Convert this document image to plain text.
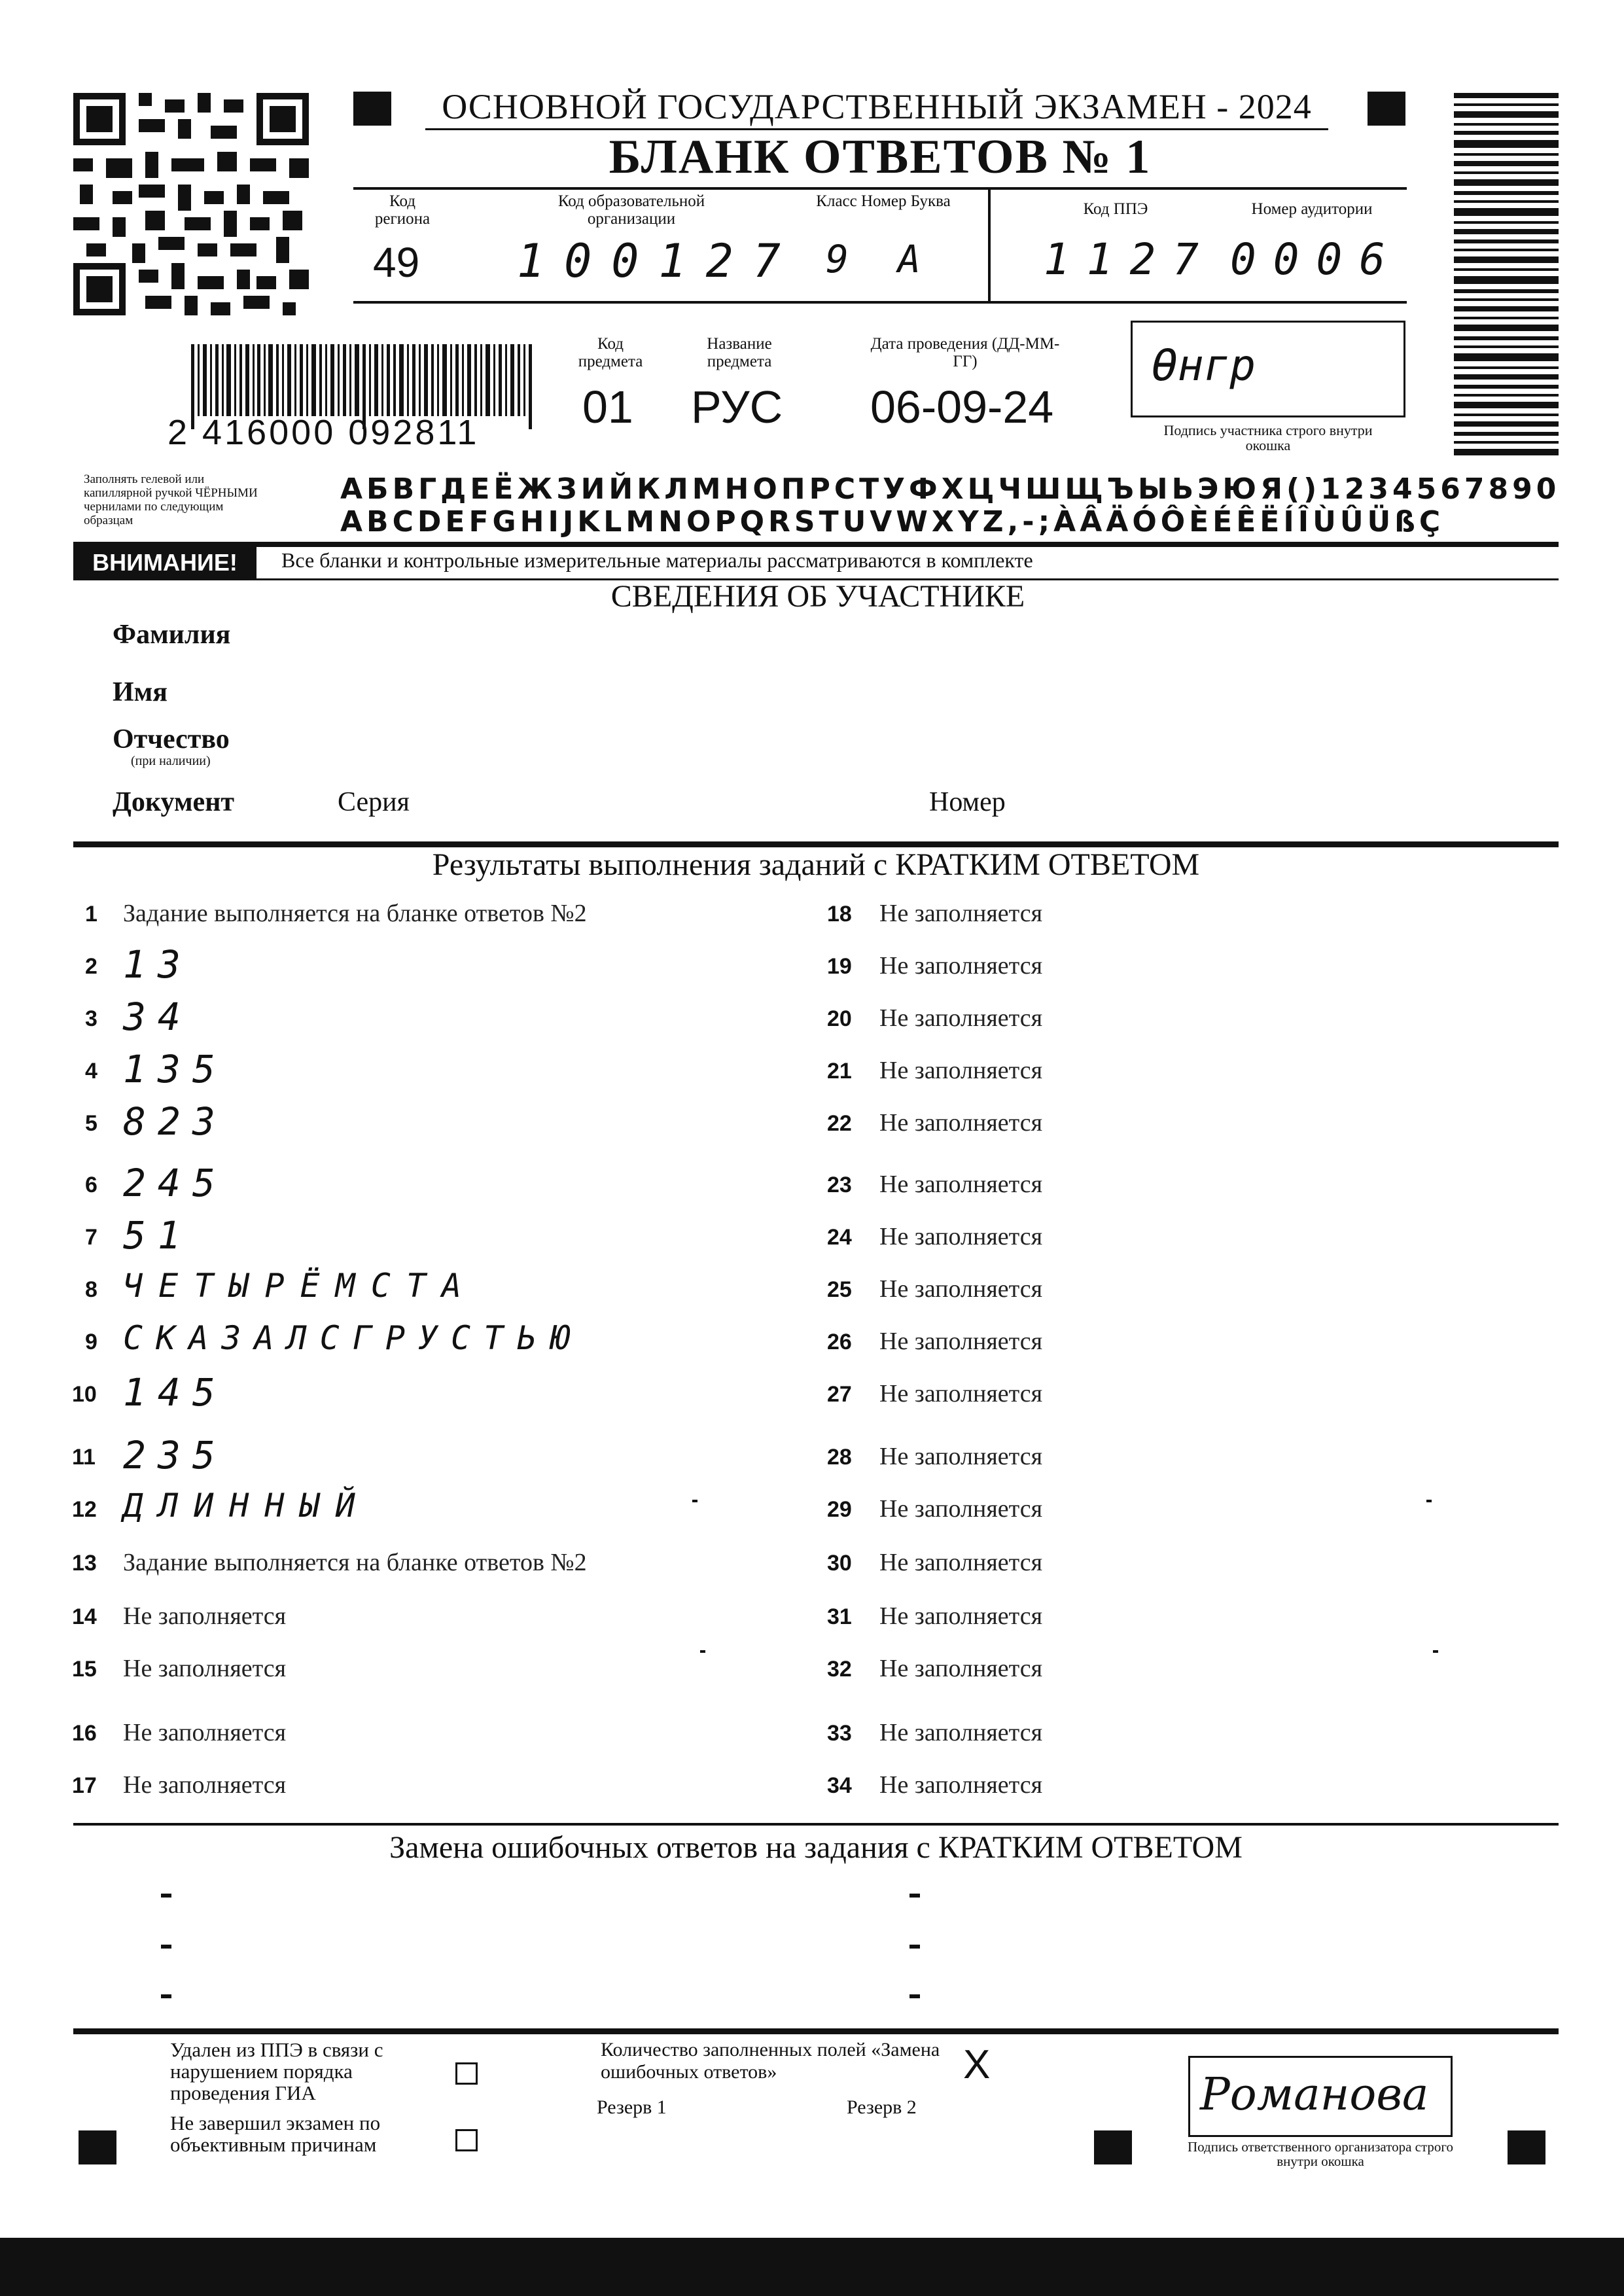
ОСНОВНОЙ ГОСУДАРСТВЕННЫЙ ЭКЗАМЕН - 2024
БЛАНК ОТВЕТОВ № 1
Код региона
49
Код образовательной организации
100127
Класс Номер Буква
9 А
Код ППЭ
1127
Номер аудитории
0006
2 416000 092811
Код предмета
01
Название предмета
РУС
Дата проведения (ДД-ММ-ГГ)
06-09-24
Ѳнгр
Подпись участника строго внутри окошка
Заполнять гелевой или капиллярной ручкой ЧЁРНЫМИ чернилами по следующим образцам
АБВГДЕЁЖЗИЙКЛМНОПРСТУФХЦЧШЩЪЫЬЭЮЯ()1234567890
ABCDEFGHIJKLMNOPQRSTUVWXYZ,-;ÀÂÄÓÔÈÉÊËÍÎÙÛÜßÇ
ВНИМАНИЕ!	Все бланки и контрольные измерительные материалы рассматриваются в комплекте
СВЕДЕНИЯ ОБ УЧАСТНИКЕ
Фамилия
Имя
Отчество
(при наличии)
Документ	Серия	Номер
Результаты выполнения заданий с КРАТКИМ ОТВЕТОМ
1 Задание выполняется на бланке ответов №2
2 13
3 34
4 135
5 823
6 245
7 51
8 ЧЕТЫРЁМСТА
9 СКАЗАЛСГРУСТЬЮ
10 145
11 235
12 ДЛИННЫЙ
13 Задание выполняется на бланке ответов №2
14 Не заполняется
15 Не заполняется
16 Не заполняется
17 Не заполняется
18 Не заполняется
19 Не заполняется
20 Не заполняется
21 Не заполняется
22 Не заполняется
23 Не заполняется
24 Не заполняется
25 Не заполняется
26 Не заполняется
27 Не заполняется
28 Не заполняется
29 Не заполняется
30 Не заполняется
31 Не заполняется
32 Не заполняется
33 Не заполняется
34 Не заполняется
Замена ошибочных ответов на задания с КРАТКИМ ОТВЕТОМ
Удален из ППЭ в связи с нарушением порядка проведения ГИА
Не завершил экзамен по объективным причинам
Количество заполненных полей «Замена ошибочных ответов»	X
Резерв 1	Резерв 2	Романова
Подпись ответственного организатора строго внутри окошка
